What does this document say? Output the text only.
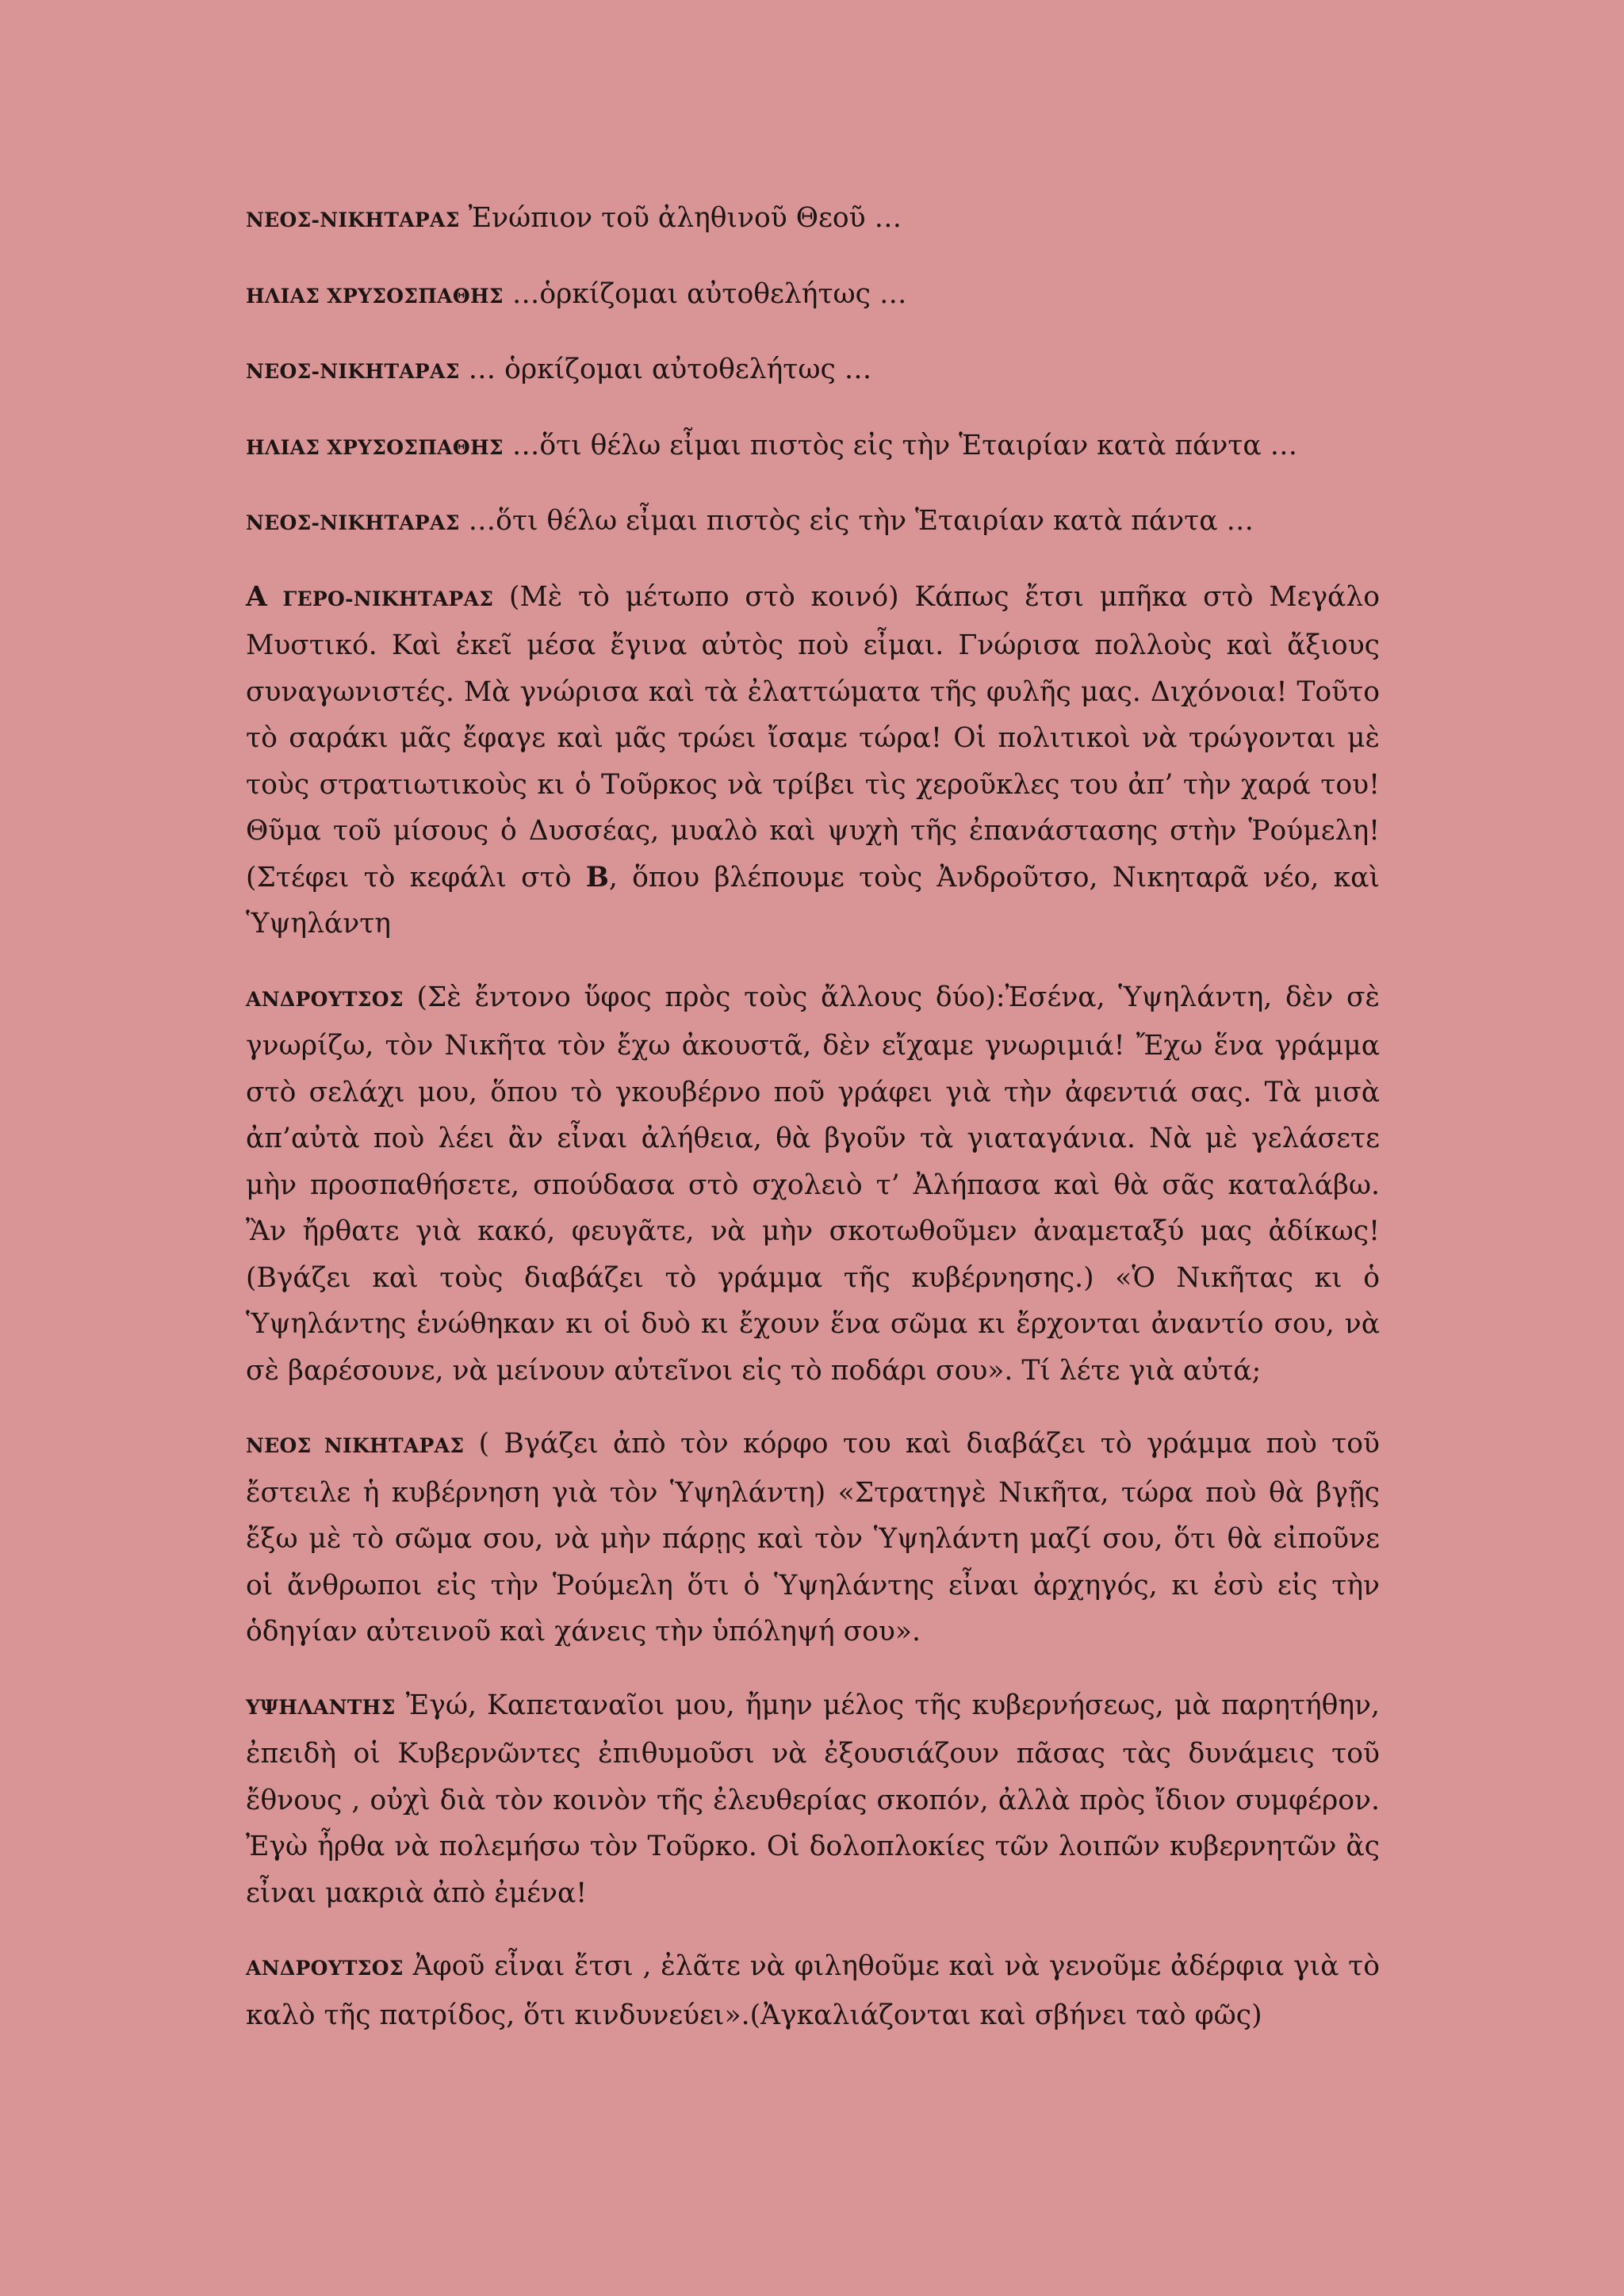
ΝΕΟΣ-ΝΙΚΗΤΑΡΑΣ Ἐνώπιον τοῦ ἀληθινοῦ Θεοῦ …

ΗΛΙΑΣ ΧΡΥΣΟΣΠΑΘΗΣ …ὁρκίζομαι αὐτοθελήτως …

ΝΕΟΣ-ΝΙΚΗΤΑΡΑΣ … ὁρκίζομαι αὐτοθελήτως …

ΗΛΙΑΣ ΧΡΥΣΟΣΠΑΘΗΣ …ὅτι θέλω εἶμαι πιστὸς εἰς τὴν Ἑταιρίαν κατὰ πάντα …

ΝΕΟΣ-ΝΙΚΗΤΑΡΑΣ …ὅτι θέλω εἶμαι πιστὸς εἰς τὴν Ἑταιρίαν κατὰ πάντα …

Α ΓΕΡΟ-ΝΙΚΗΤΑΡΑΣ (Μὲ τὸ μέτωπο στὸ κοινό) Κάπως ἔτσι μπῆκα στὸ Μεγάλο Μυστικό. Καὶ ἐκεῖ μέσα ἔγινα αὐτὸς ποὺ εἶμαι. Γνώρισα πολλοὺς καὶ ἄξιους συναγωνιστές. Μὰ γνώρισα καὶ τὰ ἐλαττώματα τῆς φυλῆς μας. Διχόνοια! Τοῦτο τὸ σαράκι μᾶς ἔφαγε καὶ μᾶς τρώει ἴσαμε τώρα! Οἱ πολιτικοὶ νὰ τρώγονται μὲ τοὺς στρατιωτικοὺς κι ὁ Τοῦρκος νὰ τρίβει τὶς χεροῦκλες του ἀπ’ τὴν χαρά του! Θῦμα τοῦ μίσους ὁ Δυσσέας, μυαλὸ καὶ ψυχὴ τῆς ἐπανάστασης στὴν Ῥούμελη!(Στέφει τὸ κεφάλι στὸ Β, ὅπου βλέπουμε τοὺς Ἀνδροῦτσο, Νικηταρᾶ νέο, καὶ Ὑψηλάντη

ΑΝΔΡΟΥΤΣΟΣ (Σὲ ἔντονο ὕφος πρὸς τοὺς ἄλλους δύο):Ἐσένα, Ὑψηλάντη, δὲν σὲ γνωρίζω, τὸν Νικῆτα τὸν ἔχω ἀκουστᾶ, δὲν εἴχαμε γνωριμιά! Ἔχω ἕνα γράμμα στὸ σελάχι μου, ὅπου τὸ γκουβέρνο ποῦ γράφει γιὰ τὴν ἀφεντιά σας. Τὰ μισὰ ἀπ’αὐτὰ ποὺ λέει ἂν εἶναι ἀλήθεια, θὰ βγοῦν τὰ γιαταγάνια. Νὰ μὲ γελάσετε μὴν προσπαθήσετε, σπούδασα στὸ σχολειὸ τ’ Ἀλήπασα καὶ θὰ σᾶς καταλάβω. Ἂν ἤρθατε γιὰ κακό, φευγᾶτε, νὰ μὴν σκοτωθοῦμεν ἀναμεταξύ μας ἀδίκως! (Βγάζει καὶ τοὺς διαβάζει τὸ γράμμα τῆς κυβέρνησης.) «Ὁ Νικῆτας κι ὁ Ὑψηλάντης ἑνώθηκαν κι οἱ δυὸ κι ἔχουν ἕνα σῶμα κι ἔρχονται ἀναντίο σου, νὰ σὲ βαρέσουνε, νὰ μείνουν αὐτεῖνοι εἰς τὸ ποδάρι σου». Τί λέτε γιὰ αὐτά;

ΝΕΟΣ ΝΙΚΗΤΑΡΑΣ ( Βγάζει ἀπὸ τὸν κόρφο του καὶ διαβάζει τὸ γράμμα ποὺ τοῦ ἔστειλε ἡ κυβέρνηση γιὰ τὸν Ὑψηλάντη) «Στρατηγὲ Νικῆτα, τώρα ποὺ θὰ βγῇς ἔξω μὲ τὸ σῶμα σου, νὰ μὴν πάρῃς καὶ τὸν Ὑψηλάντη μαζί σου, ὅτι θὰ εἰποῦνε οἱ ἄνθρωποι εἰς τὴν Ῥούμελη ὅτι ὁ Ὑψηλάντης εἶναι ἀρχηγός, κι ἐσὺ εἰς τὴν ὁδηγίαν αὐτεινοῦ καὶ χάνεις τὴν ὑπόληψή σου».

ΥΨΗΛΑΝΤΗΣ Ἐγώ, Καπεταναῖοι μου, ἤμην μέλος τῆς κυβερνήσεως, μὰ παρητήθην, ἐπειδὴ οἱ Κυβερνῶντες ἐπιθυμοῦσι νὰ ἐξουσιάζουν πᾶσας τὰς δυνάμεις τοῦ ἔθνους , οὐχὶ διὰ τὸν κοινὸν τῆς ἐλευθερίας σκοπόν, ἀλλὰ πρὸς ἴδιον συμφέρον. Ἐγὼ ἦρθα νὰ πολεμήσω τὸν Τοῦρκο. Οἱ δολοπλοκίες τῶν λοιπῶν κυβερνητῶν ἂς εἶναι μακριὰ ἀπὸ ἐμένα!

ΑΝΔΡΟΥΤΣΟΣ Ἀφοῦ εἶναι ἔτσι , ἐλᾶτε νὰ φιληθοῦμε καὶ νὰ γενοῦμε ἀδέρφια γιὰ τὸ καλὸ τῆς πατρίδος, ὅτι κινδυνεύει».(Ἀγκαλιάζονται καὶ σβήνει ταὸ φῶς)
